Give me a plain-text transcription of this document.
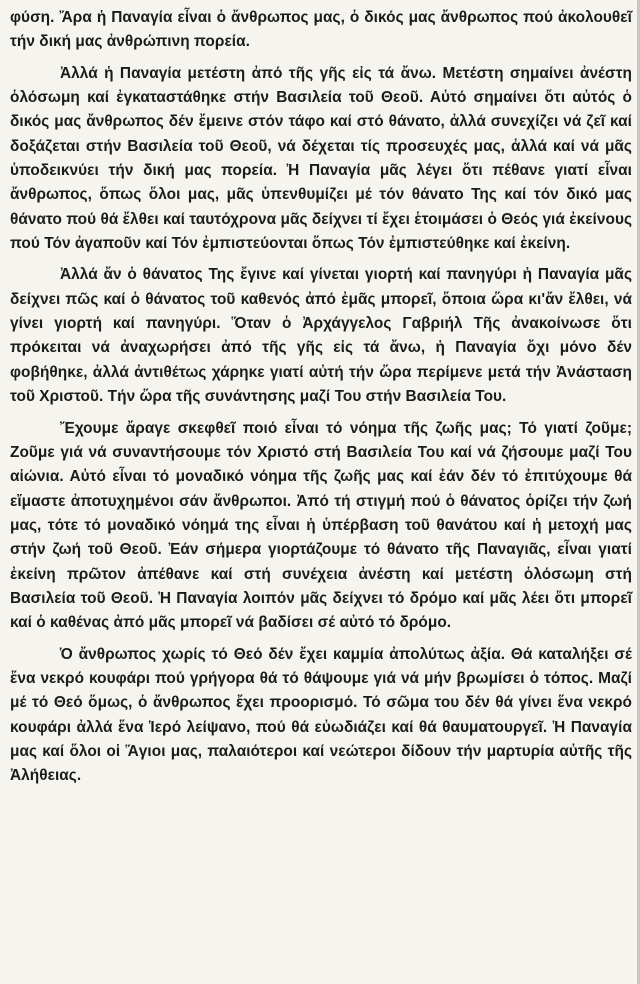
φύση. Ἄρα ἡ Παναγία εἶναι ὁ ἄνθρωπος μας, ὁ δικός μας ἄνθρωπος πού ἀκολουθεῖ τήν δική μας ἀνθρώπινη πορεία.

Ἀλλά ἡ Παναγία μετέστη ἀπό τῆς γῆς εἰς τά ἄνω. Μετέστη σημαίνει ἀνέστη ὁλόσωμη καί ἐγκαταστάθηκε στήν Βασιλεία τοῦ Θεοῦ. Αὐτό σημαίνει ὅτι αὐτός ὁ δικός μας ἄνθρωπος δέν ἔμεινε στόν τάφο καί στό θάνατο, ἀλλά συνεχίζει νά ζεῖ καί δοξάζεται στήν Βασιλεία τοῦ Θεοῦ, νά δέχεται τίς προσευχές μας, ἀλλά καί νά μᾶς ὑποδεικνύει τήν δική μας πορεία. Ἡ Παναγία μᾶς λέγει ὅτι πέθανε γιατί εἶναι ἄνθρωπος, ὅπως ὅλοι μας, μᾶς ὑπενθυμίζει μέ τόν θάνατο Της καί τόν δικό μας θάνατο πού θά ἔλθει καί ταυτόχρονα μᾶς δείχνει τί ἔχει ἑτοιμάσει ὁ Θεός γιά ἐκείνους πού Τόν ἀγαποῦν καί Τόν ἐμπιστεύονται ὅπως Τόν ἐμπιστεύθηκε καί ἐκείνη.

Ἀλλά ἄν ὁ θάνατος Της ἔγινε καί γίνεται γιορτή καί πανηγύρι ἡ Παναγία μᾶς δείχνει πῶς καί ὁ θάνατος τοῦ καθενός ἀπό ἐμᾶς μπορεῖ, ὅποια ὥρα κι'ἄν ἔλθει, νά γίνει γιορτή καί πανηγύρι. Ὅταν ὁ Ἀρχάγγελος Γαβριήλ Τῆς ἀνακοίνωσε ὅτι πρόκειται νά ἀναχωρήσει ἀπό τῆς γῆς εἰς τά ἄνω, ἡ Παναγία ὄχι μόνο δέν φοβήθηκε, ἀλλά ἀντιθέτως χάρηκε γιατί αὐτή τήν ὥρα περίμενε μετά τήν Ἀνάσταση τοῦ Χριστοῦ. Τήν ὥρα τῆς συνάντησης μαζί Του στήν Βασιλεία Του.

Ἔχουμε ἄραγε σκεφθεῖ ποιό εἶναι τό νόημα τῆς ζωῆς μας; Τό γιατί ζοῦμε; Ζοῦμε γιά νά συναντήσουμε τόν Χριστό στή Βασιλεία Του καί νά ζήσουμε μαζί Του αἰώνια. Αὐτό εἶναι τό μοναδικό νόημα τῆς ζωῆς μας καί ἐάν δέν τό ἐπιτύχουμε θά εἴμαστε ἀποτυχημένοι σάν ἄνθρωποι. Ἀπό τή στιγμή πού ὁ θάνατος ὁρίζει τήν ζωή μας, τότε τό μοναδικό νόημά της εἶναι ἡ ὑπέρβαση τοῦ θανάτου καί ἡ μετοχή μας στήν ζωή τοῦ Θεοῦ. Ἐάν σήμερα γιορτάζουμε τό θάνατο τῆς Παναγιᾶς, εἶναι γιατί ἐκείνη πρῶτον ἀπέθανε καί στή συνέχεια ἀνέστη καί μετέστη ὁλόσωμη στή Βασιλεία τοῦ Θεοῦ. Ἡ Παναγία λοιπόν μᾶς δείχνει τό δρόμο καί μᾶς λέει ὅτι μπορεῖ καί ὁ καθένας ἀπό μᾶς μπορεῖ νά βαδίσει σέ αὐτό τό δρόμο.

Ὁ ἄνθρωπος χωρίς τό Θεό δέν ἔχει καμμία ἀπολύτως ἀξία. Θά καταλήξει σέ ἕνα νεκρό κουφάρι πού γρήγορα θά τό θάψουμε γιά νά μήν βρωμίσει ὁ τόπος. Μαζί μέ τό Θεό ὅμως, ὁ ἄνθρωπος ἔχει προορισμό. Τό σῶμα του δέν θά γίνει ἕνα νεκρό κουφάρι ἀλλά ἕνα Ἱερό λείψανο, πού θά εὐωδιάζει καί θά θαυματουργεῖ. Ἡ Παναγία μας καί ὅλοι οἱ Ἅγιοι μας, παλαιότεροι καί νεώτεροι δίδουν τήν μαρτυρία αὐτῆς τῆς Ἀλήθειας.
